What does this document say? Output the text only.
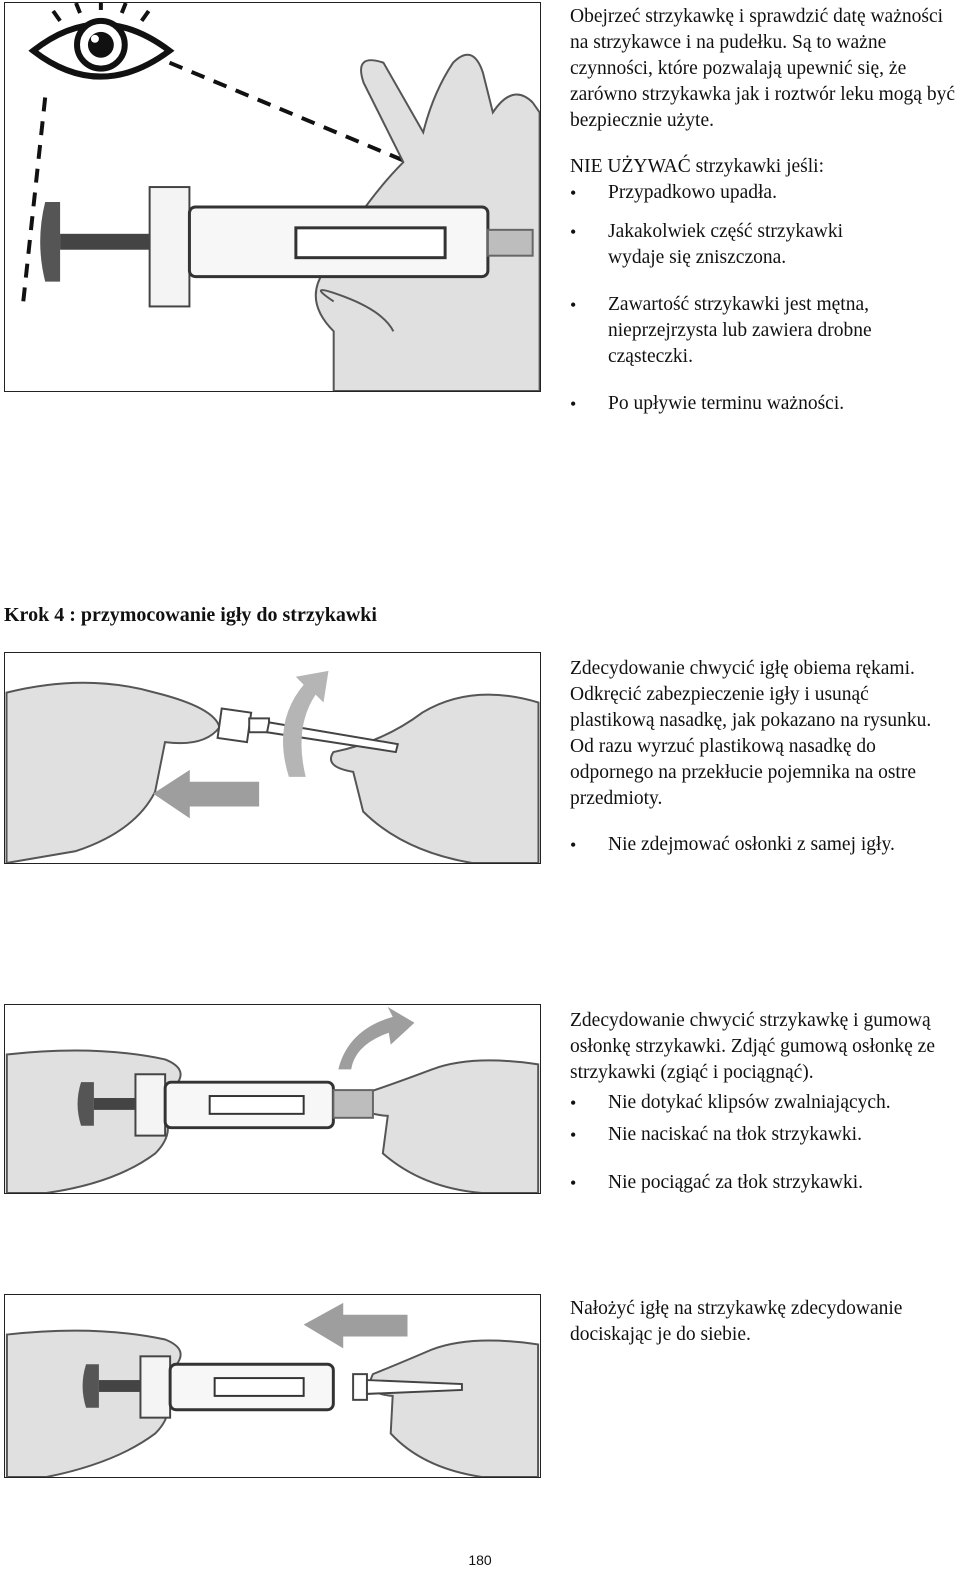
Obejrzeć strzykawkę i sprawdzić datę ważności na strzykawce i na pudełku. Są to ważne czynności, które pozwalają upewnić się, że zarówno strzykawka jak i roztwór leku mogą być bezpiecznie użyte.

NIE UŻYWAĆ strzykawki jeśli:

• Przypadkowo upadła.
• Jakakolwiek część strzykawki wydaje się zniszczona.
• Zawartość strzykawki jest mętna, nieprzejrzysta lub zawiera drobne cząsteczki.
• Po upływie terminu ważności.
Krok 4 : przymocowanie igły do strzykawki

Zdecydowanie chwycić igłę obiema rękami. Odkręcić zabezpieczenie igły i usunąć plastikową nasadkę, jak pokazano na rysunku.

Od razu wyrzuć plastikową nasadkę do odpornego na przekłucie pojemnika na ostre przedmioty.

• Nie zdejmować osłonki z samej igły.

Zdecydowanie chwycić strzykawkę i gumową osłonkę strzykawki. Zdjąć gumową osłonkę ze strzykawki (zgiąć i pociągnąć).

• Nie dotykać klipsów zwalniających.
• Nie naciskać na tłok strzykawki.
• Nie pociągać za tłok strzykawki.

Nałożyć igłę na strzykawkę zdecydowanie dociskając je do siebie.

180
